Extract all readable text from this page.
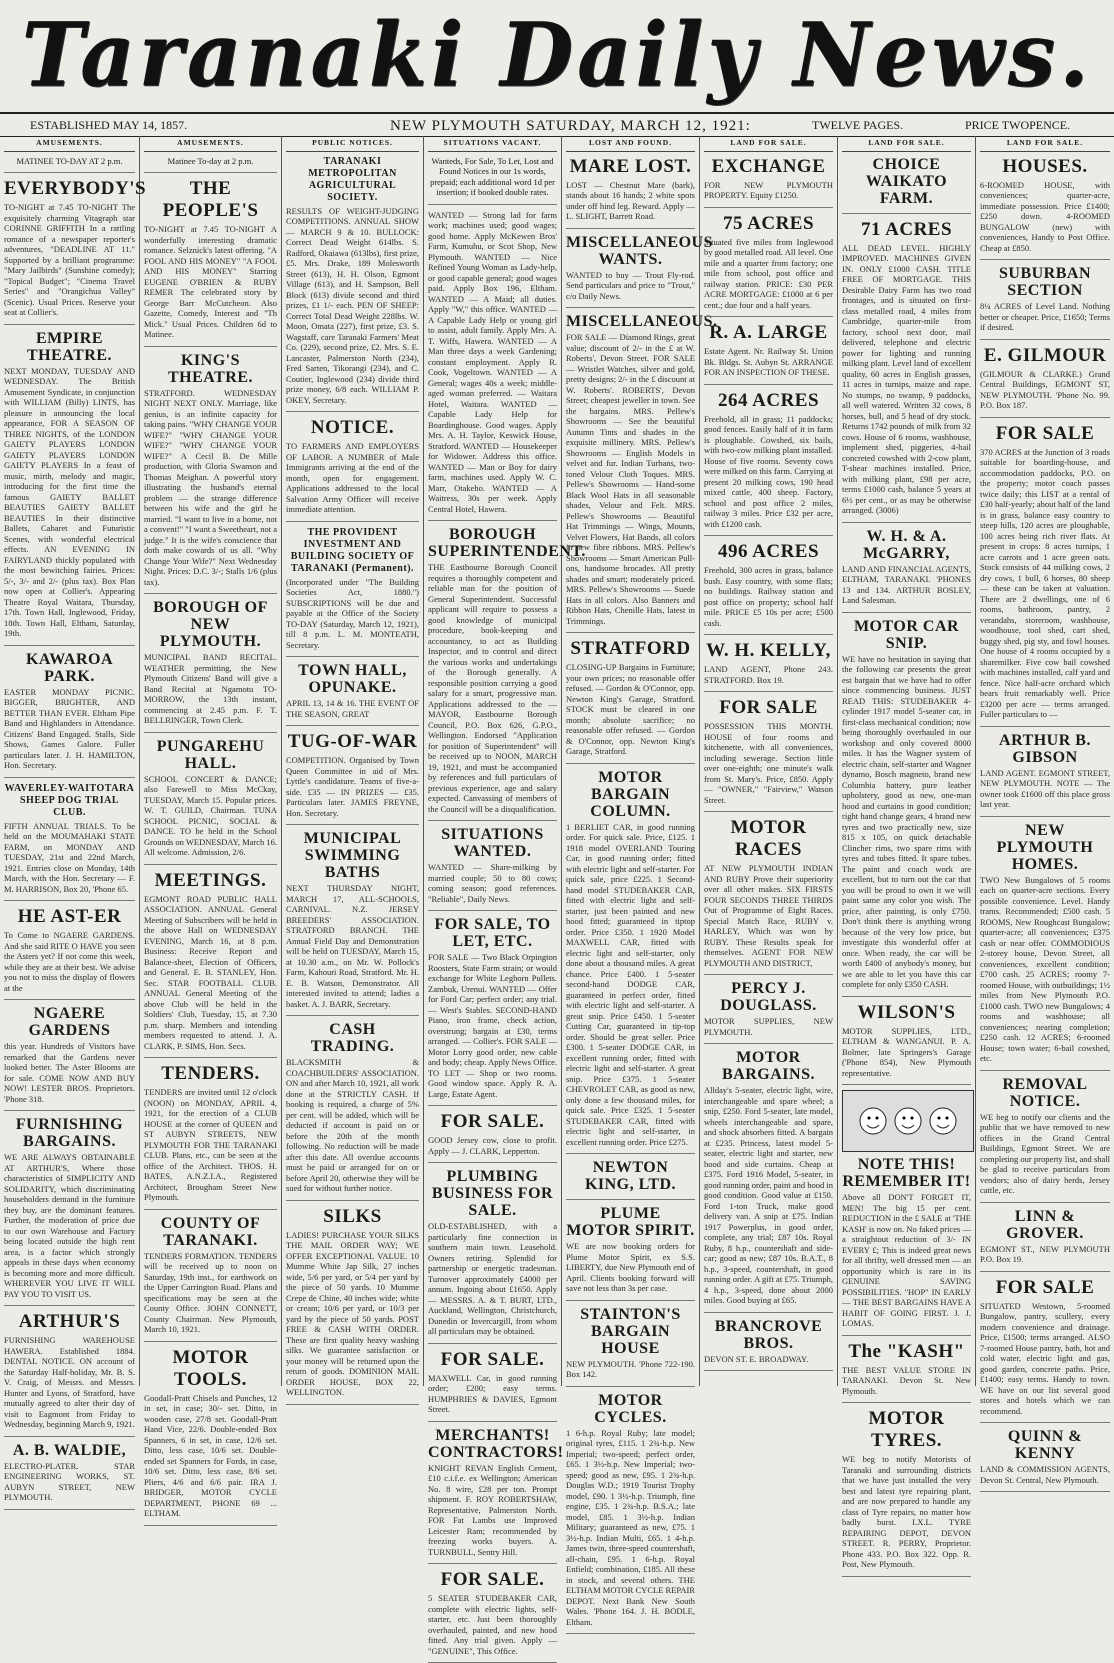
Taranaki Daily News.
ESTABLISHED MAY 14, 1857.	NEW PLYMOUTH SATURDAY, MARCH 12, 1921:	TWELVE PAGES.	PRICE TWOPENCE.
AMUSEMENTS.

MATINEE TO-DAY AT 2 p.m.

EVERYBODY'S

TO-NIGHT at 7.45 TO-NIGHT The exquisitely charming Vitagraph star CORINNE GRIFFITH In a rattling romance of a newspaper reporter's adventures, "DEADLINE AT 11." Supported by a brilliant programme: "Mary Jailbirds" (Sunshine comedy); "Topical Budget"; "Cinema Travel Series" and "Orangichua Valley" (Scenic). Usual Prices. Reserve your seat at Collier's.

EMPIRE THEATRE.

NEXT MONDAY, TUESDAY AND WEDNESDAY. The British Amusement Syndicate, in conjunction with WILLIAM (Billy) LINTS, has pleasure in announcing the local appearance, FOR A SEASON OF THREE NIGHTS, of the LONDON GAIETY PLAYERS LONDON GAIETY PLAYERS LONDON GAIETY PLAYERS In a feast of music, mirth, melody and magic, introducing for the first time the famous GAIETY BALLET BEAUTIES GAIETY BALLET BEAUTIES In their distinctive Ballets, Cabaret and Futuristic Scenes, with wonderful electrical effects. AN EVENING IN FAIRYLAND thickly populated with the most bewitching fairies. Prices: 5/-, 3/- and 2/- (plus tax). Box Plan now open at Collier's. Appearing Theatre Royal Waitara, Thursday, 17th. Town Hall, Inglewood, Friday, 18th. Town Hall, Eltham, Saturday, 19th.

KAWAROA PARK.

EASTER MONDAY PICNIC. BIGGER, BRIGHTER, AND BETTER THAN EVER. Eltham Pipe Band and Highlanders in Attendance. Citizens' Band Engaged. Stalls, Side Shows, Games Galore. Fuller particulars later. J. H. HAMILTON, Hon. Secretary.

WAVERLEY-WAITOTARA SHEEP DOG TRIAL CLUB.

FIFTH ANNUAL TRIALS. To be held on the MOUMAHAKI STATE FARM, on MONDAY AND TUESDAY, 21st and 22nd March, 1921. Entries close on Monday, 14th March, with the Hon. Secretary — F. M. HARRISON, Box 20, 'Phone 65.

HE AST-ER

To Come to NGAERE GARDENS. And she said RITE O HAVE you seen the Asters yet? If not come this week, while they are at their best. We advise you not to miss the display of flowers at the

NGAERE GARDENS

this year. Hundreds of Visitors have remarked that the Gardens never looked better. The Aster Blooms are for sale. COME NOW AND BUY NOW! LESTER BROS. Proprietors. 'Phone 318.

FURNISHING BARGAINS.

WE ARE ALWAYS OBTAINABLE AT ARTHUR'S, Where those characteristics of SIMPLICITY AND SOLIDARITY, which discriminating householders demand in the furniture they buy, are the dominant features. Further, the moderation of price due to our own Warehouse and Factory being located outside the high rent area, is a factor which strongly appeals in these days when economy is becoming more and more difficult. WHEREVER YOU LIVE IT WILL PAY YOU TO VISIT US.

ARTHUR'S

FURNISHING WAREHOUSE HAWERA. Established 1884. DENTAL NOTICE. ON account of the Saturday Half-holiday, Mr. B. S. V. Craig, of Messrs. and Messrs. Hunter and Lyons, of Stratford, have mutually agreed to alter their day of visit to Eagmont from Friday to Wednesday, beginning March 9, 1921.

A. B. WALDIE,

ELECTRO-PLATER. STAR ENGINEERING WORKS, ST. AUBYN STREET, NEW PLYMOUTH.

AMUSEMENTS.

Matinee To-day at 2 p.m.

THE PEOPLE'S

TO-NIGHT at 7.45 TO-NIGHT A wonderfully interesting dramatic romance. Selznick's latest offering. "A FOOL AND HIS MONEY" "A FOOL AND HIS MONEY" Starring EUGENE O'BRIEN & RUBY REMER The celebrated story by George Barr McCutcheon. Also Gazette, Comedy, Interest and "Th Mick." Usual Prices. Children 6d to Matinee.

KING'S THEATRE.

STRATFORD. WEDNESDAY NIGHT NEXT ONLY. Marriage, like genius, is an infinite capacity for taking pains. "WHY CHANGE YOUR WIFE?" "WHY CHANGE YOUR WIFE?" "WHY CHANGE YOUR WIFE?" A Cecil B. De Mille production, with Gloria Swanson and Thomas Meighan. A powerful story illustrating the husband's eternal problem — the strange difference between his wife and the girl he married. "I want to live in a home, not a convent!" "I want a Sweetheart, not a judge." It is the wife's conscience that doth make cowards of us all. "Why Change Your Wife?" Next Wednesday Night. Prices: D.C. 3/-; Stalls 1/6 (plus tax).

BOROUGH OF NEW PLYMOUTH.

MUNICIPAL BAND RECITAL. WEATHER permitting, the New Plymouth Citizens' Band will give a Band Recital at Ngamotu TO-MORROW, the 13th instant, commencing at 2.45 p.m. F. T. BELLRINGER, Town Clerk.

PUNGAREHU HALL.

SCHOOL CONCERT & DANCE; also Farewell to Miss McCkay, TUESDAY, March 15. Popular prices. W. T. GUILD, Chairman. TUNA SCHOOL PICNIC, SOCIAL & DANCE. TO be held in the School Grounds on WEDNESDAY, March 16. All welcome. Admission, 2/6.

MEETINGS.

EGMONT ROAD PUBLIC HALL ASSOCIATION. ANNUAL General Meeting of Subscribers will be held in the above Hall on WEDNESDAY EVENING, March 16, at 8 p.m. Business: Receive Report and Balance-sheet, Election of Officers, and General. E. B. STANLEY, Hon. Sec. STAR FOOTBALL CLUB. ANNUAL General Meeting of the above Club will be held in the Soldiers' Club, Tuesday, 15, at 7.30 p.m. sharp. Members and intending members requested to attend. J. A. CLARK, P. SIMS, Hon. Secs.

TENDERS.

TENDERS are invited until 12 o'clock (NOON) on MONDAY, APRIL 4, 1921, for the erection of a CLUB HOUSE at the corner of QUEEN and ST AUBYN STREETS, NEW PLYMOUTH FOR THE TARANAKI CLUB. Plans, etc., can be seen at the office of the Architect. THOS. H. BATES, A.N.Z.I.A., Registered Architect, Brougham Street New Plymouth.

COUNTY OF TARANAKI.

TENDERS FORMATION. TENDERS will be received up to noon on Saturday, 19th inst., for earthwork on the Upper Carrington Road. Plans and specifications may be seen at the County Office. JOHN CONNETT, County Chairman. New Plymouth, March 10, 1921.

MOTOR TOOLS.

Goodall-Pratt Chisels and Punches, 12 in set, in case; 30/- set. Ditto, in wooden case, 27/8 set. Goodall-Pratt Hand Vice, 22/6. Double-ended Box Spanners, 6 in set, in case, 12/6 set. Ditto, less case, 10/6 set. Double-ended set Spanners for Fords, in case, 10/6 set. Ditto, less case, 8/6 set. Pliers, 4/6 and 6/6 pair. IRA J. BRIDGER, MOTOR CYCLE DEPARTMENT, PHONE 69 ... ELTHAM.

PUBLIC NOTICES.
TARANAKI METROPOLITAN AGRICULTURAL SOCIETY.

RESULTS OF WEIGHT-JUDGING COMPETITIONS. ANNUAL SHOW — MARCH 9 & 10. BULLOCK: Correct Dead Weight 614lbs. S. Radford, Okaiawa (613lbs), first prize, £5. Mrs. Drake, 189 Molesworth Street (613), H. H. Olson, Egmont Village (613), and H. Sampson, Bell Block (613) divide second and third prizes, £1 1/- each. PEN OF SHEEP: Correct Total Dead Weight 228lbs. W. Moon, Omata (227), first prize, £3. S. Wagstaff, care Taranaki Farmers' Meat Co. (229), second prize, £2. Mrs. S. E. Lancaster, Palmerston North (234), Fred Sarten, Tikorangi (234), and C. Coutier, Inglewood (234) divide third prize money, 6/8 each. WILLIAM P. OKEY, Secretary.

NOTICE.

TO FARMERS AND EMPLOYERS OF LABOR. A NUMBER of Male Immigrants arriving at the end of the month, open for engagement. Applications addressed to the local Salvation Army Officer will receive immediate attention.

THE PROVIDENT INVESTMENT AND BUILDING SOCIETY OF TARANAKI (Permanent).

(Incorporated under "The Building Societies Act, 1880.") SUBSCRIPTIONS will be due and payable at the Office of the Society TO-DAY (Saturday, March 12, 1921), till 8 p.m. L. M. MONTEATH, Secretary.

TOWN HALL, OPUNAKE.

APRIL 13, 14 & 16. THE EVENT OF THE SEASON, GREAT

TUG-OF-WAR

COMPETITION. Organised by Town Queen Committee in aid of Mrs. Lyttle's candidature. Teams of five-a-side. £35 — IN PRIZES — £35. Particulars later. JAMES FREYNE, Hon. Secretary.

MUNICIPAL SWIMMING BATHS

NEXT THURSDAY NIGHT, MARCH 17, ALL-SCHOOLS, CARNIVAL. N.Z. JERSEY BREEDERS' ASSOCIATION. STRATFORD BRANCH. THE Annual Field Day and Demonstration will be held on TUESDAY, March 15, at 10.30 a.m., on Mr. W. Pollock's Farm, Kahouri Road, Stratford. Mr. H. E. B. Watson, Demonstrator. All interested invited to attend; ladies a basket. A. J. BARR, Secretary.

CASH TRADING.

BLACKSMITH & COACHBUILDERS' ASSOCIATION. ON and after March 10, 1921, all work done at the STRICTLY CASH. If booking is required, a charge of 5% per cent. will be added, which will be deducted if account is paid on or before the 20th of the month following. No reduction will be made after this date. All overdue accounts must be paid or arranged for on or before April 20, otherwise they will be sued for without further notice.

SILKS

LADIES! PURCHASE YOUR SILKS THE MAIL ORDER WAY; WE OFFER EXCEPTIONAL VALUE. 10 Mumme White Jap Silk, 27 inches wide, 5/6 per yard, or 5/4 per yard by the piece of 50 yards. 10 Mumme Crepe de Chine, 40 inches wide; white or cream; 10/6 per yard, or 10/3 per yard by the piece of 50 yards. POST FREE & CASH WITH ORDER. These are first quality heavy washing silks. We guarantee satisfaction or your money will be returned upon the return of goods. DOMINION MAIL ORDER HOUSE, BOX 22, WELLINGTON.

SITUATIONS VACANT.

Wanteds, For Sale, To Let, Lost and Found Notices in our 1s words, prepaid; each additional word 1d per insertion; if booked double rates.

WANTED — Strong lad for farm work; machines used; good wages; good home. Apply McKewen Bros' Farm, Kumuhu, or Scot Shop, New Plymouth. WANTED — Nice Refined Young Woman as Lady-help, or good capable general; good wages paid. Apply Box 196, Eltham. WANTED — A Maid; all duties. Apply "W," this office. WANTED — A Capable Lady Help or young girl to assist, adult family. Apply Mrs. A. T. Wiffs, Hawera. WANTED — A Man three days a week Gardening; constant employment. Apply R. Cook, Vogeltown. WANTED — A General; wages 40s a week; middle-aged woman preferred. — Waitara Hotel, Waitara. WANTED — Capable Lady Help for Boardinghouse. Good wages. Apply Mrs. A. H. Taylor, Keswick House, Stratford. WANTED — Housekeeper for Widower. Address this office. WANTED — Man or Boy for dairy farm, machines used. Apply W. C. Marr, Otakeho. WANTED — A Waitress, 30s per week. Apply Central Hotel, Hawera.

BOROUGH SUPERINTENDENT.

THE Eastbourne Borough Council requires a thoroughly competent and reliable man for the position of General Superintendent. Successful applicant will require to possess a good knowledge of municipal procedure, book-keeping and accountancy, to act as Building Inspector, and to control and direct the various works and undertakings of the Borough generally. A responsible position carrying a good salary for a smart, progressive man. Applications addressed to the — MAYOR, Eastbourne Borough Council, P.O. Box 626, G.P.O., Wellington. Endorsed "Application for position of Superintendent" will be received up to NOON, MARCH 19, 1921, and must be accompanied by references and full particulars of previous experience, age and salary expected. Canvassing of members of the Council will be a disqualification.

SITUATIONS WANTED.

WANTED — Share-milking by married couple; 50 to 80 cows; coming season; good references. "Reliable", Daily News.

FOR SALE, TO LET, ETC.

FOR SALE — Two Black Orpington Roosters, State Farm strain; or would exchange for White Leghorn Pullets. Zambuk, Urenui. WANTED — Offer for Ford Car; perfect order; any trial. — West's Stables. SECOND-HAND Piano, iron frame, check action, overstrung; bargain at £30, terms arranged. — Collier's. FOR SALE — Motor Lorry good order, new cable and body; cheap. Apply News Office. TO LET — Shop or two rooms. Good window space. Apply R. A. Large, Estate Agent.

FOR SALE.

GOOD Jersey cow, close to profit. Apply — J. CLARK, Lepperton.

PLUMBING BUSINESS FOR SALE.

OLD-ESTABLISHED, with a particularly fine connection in southern main town. Leasehold. Owners retiring. Splendid for partnership or energetic tradesman. Turnover approximately £4000 per annum. Ingoing about £1650. Apply — MESSRS. A. & T. BURT, LTD., Auckland, Wellington, Christchurch, Dunedin or Invercargill, from whom all particulars may be obtained.

FOR SALE.

MAXWELL Car, in good running order; £200; easy terms. HUMPHRIES & DAVIES, Egmont Street.

MERCHANTS! CONTRACTORS!

KNIGHT REVAN English Cement, £10 c.i.f.e. ex Wellington; American No. 8 wire, £28 per ton. Prompt shipment. F. ROY ROBERTSHAW, Representative, Palmerston North. FOR Fat Lambs use Improved Leicester Ram; recommended by freezing works buyers. A. TURNBULL, Sentry Hill.

FOR SALE.

5 SEATER STUDEBAKER CAR, complete with electric lights, self-starter, etc. Just been thoroughly overhauled, painted, and new hood fitted. Any trial given. Apply — "GENUINE", This Office.

LOST AND FOUND.
MARE LOST.

LOST — Chestnut Mare (bark), stands about 16 hands; 2 white spots under off hind leg. Reward. Apply — L. SLIGHT, Barrett Road.

MISCELLANEOUS WANTS.

WANTED to buy — Trout Fly-rod. Send particulars and price to "Trout," c/o Daily News.

MISCELLANEOUS.

FOR SALE — Diamond Rings, great value; discount of 2/- in the £ at W. Roberts', Devon Street. FOR SALE — Wristlet Watches, silver and gold, pretty designs; 2/- in the £ discount at W. Roberts'. ROBERTS', Devon Street; cheapest jeweller in town. See the bargains. MRS. Pellew's Showrooms — See the beautiful Autumn Tints and shades in the exquisite millinery. MRS. Pellew's Showrooms — English Models in velvet and fur. Indian Turbans, two-toned Velour Cloth Toques. MRS. Pellew's Showrooms — Hand-some Black Wool Hats in all seasonable shades, Velour and Felt. MRS. Pellew's Showrooms — Beautiful Hat Trimmings — Wings, Mounts, Velvet Flowers, Hat Bands, all colors in new fibre ribbons. MRS. Pellew's Showrooms — Smart American Pull-ons, handsome brocades. All pretty shades and smart; moderately priced. MRS. Pellew's Showrooms — Suede Hats in all colors. Also Banners and Ribbon Hats, Chenille Hats, latest in Trimmings.

STRATFORD

CLOSING-UP Bargains in Furniture; your own prices; no reasonable offer refused. — Gordon & O'Connor, opp. Newton King's Garage, Stratford. STOCK must be cleared in one month; absolute sacrifice; no reasonable offer refused. — Gordon & O'Connor, opp. Newton King's Garage, Stratford.

MOTOR BARGAIN COLUMN.

1 BERLIET CAR, in good running order. For quick sale. Price, £125. 1 1918 model OVERLAND Touring Car, in good running order; fitted with electric light and self-starter. For quick sale, price £225. 1 Second-hand model STUDEBAKER CAR, fitted with electric light and self-starter, just been painted and new hood fitted; guaranteed in tiptop order. Price £350. 1 1920 Model MAXWELL CAR, fitted with electric light and self-starter, only done about a thousand miles. A great chance. Price £400. 1 5-seater second-hand DODGE CAR, guaranteed in perfect order, fitted with electric light and self-starter. A great snip. Price £450. 1 5-seater Cutting Car, guaranteed in tip-top order. Should be great seller. Price £300. 1 5-seater DODGE CAR, in excellent running order, fitted with electric light and self-starter. A great snip. Price £375. 1 5-seater CHEVROLET CAR, as good as new, only done a few thousand miles, for quick sale. Price £325. 1 5-seater STUDEBAKER CAR, fitted with electric light and self-starter, in excellent running order. Price £275.

NEWTON KING, LTD.
PLUME MOTOR SPIRIT.

WE are now booking orders for Plume Motor Spirit, ex S.S. LIBERTY, due New Plymouth end of April. Clients booking forward will save not less than 3s per case.

STAINTON'S BARGAIN HOUSE

NEW PLYMOUTH. 'Phone 722-190. Box 142.

MOTOR CYCLES.

1 6-h.p. Royal Ruby; late model; original tyres, £115. 1 2¾-h.p. New Imperial; two-speed; perfect order, £65. 1 3½-h.p. New Imperial; two-speed; good as new, £95. 1 2¾-h.p. Douglas W.D.; 1919 Tourist Trophy model, £90. 1 3½-h.p. Triumph, fine engine, £35. 1 2¾-h.p. B.S.A.; late model, £85. 1 3½-h.p. Indian Military; guaranteed as new, £75. 1 3½-h.p. Indian Multi, £65. 1 4-h.p. James twin, three-speed countershaft, all-chain, £95. 1 6-h.p. Royal Enfield; combination, £185. All these in stock, and several others. THE ELTHAM MOTOR CYCLE REPAIR DEPOT. Next Bank New South Wales. 'Phone 164. J. H. BODLE, Eltham.

LAND FOR SALE.
EXCHANGE

FOR NEW PLYMOUTH PROPERTY. Equity £1250.

75 ACRES

Situated five miles from Inglewood by good metalled road. All level. One mile and a quarter from factory; one mile from school, post office and railway station. PRICE: £30 PER ACRE MORTGAGE: £1000 at 6 per cent.; due four and a half years.

R. A. LARGE

Estate Agent. Nr. Railway St. Union Bk. Bldgs. St. Aubyn St. ARRANGE FOR AN INSPECTION OF THESE.

264 ACRES

Freehold, all in grass; 11 paddocks; good fences. Easily half of it in farm is ploughable. Cowshed, six bails, with two-cow milking plant installed. House of five rooms. Seventy cows were milked on this farm. Carrying at present 20 milking cows, 190 head mixed cattle, 400 sheep. Factory, school and post office 2 miles, railway 3 miles. Price £32 per acre, with £1200 cash.

496 ACRES

Freehold, 300 acres in grass, balance bush. Easy country, with some flats; no buildings. Railway station and post office on property; school half mile. PRICE £5 10s per acre; £500 cash.

W. H. KELLY,

LAND AGENT, Phone 243. STRATFORD. Box 19.

FOR SALE

POSSESSION THIS MONTH. HOUSE of four rooms and kitchenette, with all conveniences, including sewerage. Section little over one-eighth; one minute's walk from St. Mary's. Price, £850. Apply — "OWNER," "Fairview," Watson Street.

MOTOR RACES

AT NEW PLYMOUTH INDIAN AND RUBY Prove their superiority over all other makes. SIX FIRSTS FOUR SECONDS THREE THIRDS Out of Programme of Eight Races. Special Match Race, RUBY v. HARLEY, Which was won by RUBY. These Results speak for themselves. AGENT FOR NEW PLYMOUTH AND DISTRICT,

PERCY J. DOUGLASS.

MOTOR SUPPLIES, NEW PLYMOUTH.

MOTOR BARGAINS.

Allday's 5-seater, electric light, wire, interchangeable and spare wheel; a snip, £250. Ford 5-seater, late model, wheels interchangeable and spare, and shock absorbers fitted. A bargain at £235. Princess, latest model 5-seater, electric light and starter, new hood and side curtains. Cheap at £375. Ford 1916 Model, 5-seater, in good running order, paint and hood in good condition. Good value at £150. Ford 1-ton Truck, make good delivery van. A snip at £75. Indian 1917 Powerplus, in good order, complete, any trial; £87 10s. Royal Ruby, 8 h.p., countershaft and side-car; good as new; £87 10s. B.A.T., 8 h.p., 3-speed, countershaft, in good running order. A gift at £75. Triumph, 4 h.p., 3-speed, done about 2000 miles. Good buying at £65.

BRANCROVE BROS.

DEVON ST. E. BROADWAY.

LAND FOR SALE.
CHOICE WAIKATO FARM.
71 ACRES

ALL DEAD LEVEL. HIGHLY IMPROVED. MACHINES GIVEN IN. ONLY £1000 CASH. TITLE FREE OF MORTGAGE. THIS Desirable Dairy Farm has two road frontages, and is situated on first-class metalled road, 4 miles from Cambridge, quarter-mile from factory, school next door, mail delivered, telephone and electric power for lighting and running milking plant. Level land of excellent quality, 60 acres in English grasses, 11 acres in turnips, maize and rape. No stumps, no swamp, 9 paddocks, all well watered. Written 32 cows, 8 horses, bull, and 5 head of dry stock. Returns 1742 pounds of milk from 32 cows. House of 6 rooms, washhouse, implement shed, piggeries, 4-bail concreted cowshed with 2-cow plant, T-shear machines installed. Price, with milking plant, £98 per acre, terms £1000 cash, balance 5 years at 6½ per cent., or as may be otherwise arranged. (3006)

W. H. & A. McGARRY,

LAND AND FINANCIAL AGENTS, ELTHAM, TARANAKI. 'PHONES 13 and 134. ARTHUR BOSLEY, Land Salesman.

MOTOR CAR SNIP.

WE have no hesitation in saying that the following car presents the great est bargain that we have had to offer since commencing business. JUST READ THIS: STUDEBAKER 4-cylinder 1917 model 5-seater car, in first-class mechanical condition; now being thoroughly overhauled in our workshop and only covered 8000 miles. It has the Wagner system of electric chain, self-starter and Wagner dynamo, Bosch magneto, brand new Columbia battery, pure leather upholstery, good as new, one-man hood and curtains in good condition; right hand change gears, 4 brand new tyres and two practically new, size 815 x 105, on quick detachable Clincher rims, two spare rims with tyres and tubes fitted. It spare tubes. The paint and coach work are excellent, but to turn out the car that you will be proud to own it we will paint same any color you wish. The price, after painting, is only £750. Don't think there is anything wrong because of the very low price, but investigate this wonderful offer at once. When ready, the car will be worth £400 of anybody's money, but we are able to let you have this car complete for only £350 CASH.

WILSON'S

MOTOR SUPPLIES, LTD., ELTHAM & WANGANUI. P. A. Bolmer, late Springers's Garage ('Phone 854), New Plymouth representative.

NOTE THIS! REMEMBER IT!

Above all DON'T FORGET IT, MEN! The big 15 per cent. REDUCTION in the £ SALE at 'THE KASH' is now on. No faked prices — a straightout reduction of 3/- IN EVERY £; This is indeed great news for all thrifty, well dressed men — an opportunity which is rare in its GENUINE SAVING POSSIBILITIES. "HOP" IN EARLY — THE BEST BARGAINS HAVE A HABIT OF GOING FIRST. J. J. LOMAS.

The "KASH"

THE BEST VALUE STORE IN TARANAKI. Devon St. New Plymouth.

MOTOR TYRES.

WE beg to notify Motorists of Taranaki and surrounding districts that we have just installed the very best and latest tyre repairing plant, and are now prepared to handle any class of Tyre repairs, no matter how badly burst. I.X.L. TYRE REPAIRING DEPOT, DEVON STREET. R. PERRY, Proprietor. Phone 433. P.O. Box 322. Opp. R. Post, New Plymouth.

LAND FOR SALE.
HOUSES.

6-ROOMED HOUSE, with conveniences; quarter-acre, immediate possession. Price £1400; £250 down. 4-ROOMED BUNGALOW (new) with conveniences, Handy to Post Office. Cheap at £850.

SUBURBAN SECTION

8¼ ACRES of Level Land. Nothing better or cheaper. Price, £1650; Terms if desired.

E. GILMOUR

(GILMOUR & CLARKE.) Grand Central Buildings, EGMONT ST, NEW PLYMOUTH. 'Phone No. 99. P.O. Box 187.

FOR SALE

370 ACRES at the Junction of 3 roads suitable for boarding-house, and accommodation paddocks, P.O. on the property; motor coach passes twice daily; this LIST at a rental of £30 half-yearly; about half of the land is in grass, balance easy country to steep hills, 120 acres are ploughable, 100 acres being rich river flats. At present in crops: 8 acres turnips, 1 acre carrots and 1 acre green oats. Stock consists of 44 milking cows, 2 dry cows, 1 bull, 6 horses, 80 sheep — these can be taken at valuation. There are 2 dwellings, one of 6 rooms, bathroom, pantry, 2 verandahs, storeroom, washhouse, woodhouse, tool shed, cart shed, buggy shed, pig sty, and fowl houses. One house of 4 rooms occupied by a sharemilker. Five cow bail cowshed with machines installed, calf yard and fence. Nice half-acre orchard which bears fruit remarkably well. Price £3200 per acre — terms arranged. Fuller particulars to —

ARTHUR B. GIBSON

LAND AGENT. EGMONT STREET, NEW PLYMOUTH. NOTE — The owner took £1600 off this place gross last year.

NEW PLYMOUTH HOMES.

TWO New Bungalows of 5 rooms each on quarter-acre sections. Every possible convenience. Level. Handy trams. Recommended; £500 cash. 5 ROOMS, New Roughcast Bungalow; quarter-acre; all conveniences; £375 cash or near offer. COMMODIOUS 2-storey house, Devon Street, all conveniences, excellent condition; £700 cash. 25 ACRES; roomy 7-roomed House, with outbuildings; 1½ miles from New Plymouth P.O. £1000 cash. TWO new Bungalows; 4 rooms and washhouse; all conveniences; nearing completion; £250 cash. 12 ACRES; 6-roomed House; town water; 6-bail cowshed, etc.

REMOVAL NOTICE.

WE beg to notify our clients and the public that we have removed to new offices in the Grand Central Buildings, Egmont Street. We are completing our property list, and shall be glad to receive particulars from vendors; also of dairy herds, Jersey cattle, etc.

LINN & GROVER.

EGMONT ST., NEW PLYMOUTH P.O. Box 19.

FOR SALE

SITUATED Westown, 5-roomed Bungalow, pantry, scullery, every modern convenience and drainage. Price, £1500; terms arranged. ALSO 7-roomed House pantry, bath, hot and cold water, electric light and gas, good garden, concrete paths. Price, £1400; easy terms. Handy to town. WE have on our list several good stores and hotels which we can recommend.

QUINN & KENNY

LAND & COMMISSION AGENTS, Devon St. Central, New Plymouth.
